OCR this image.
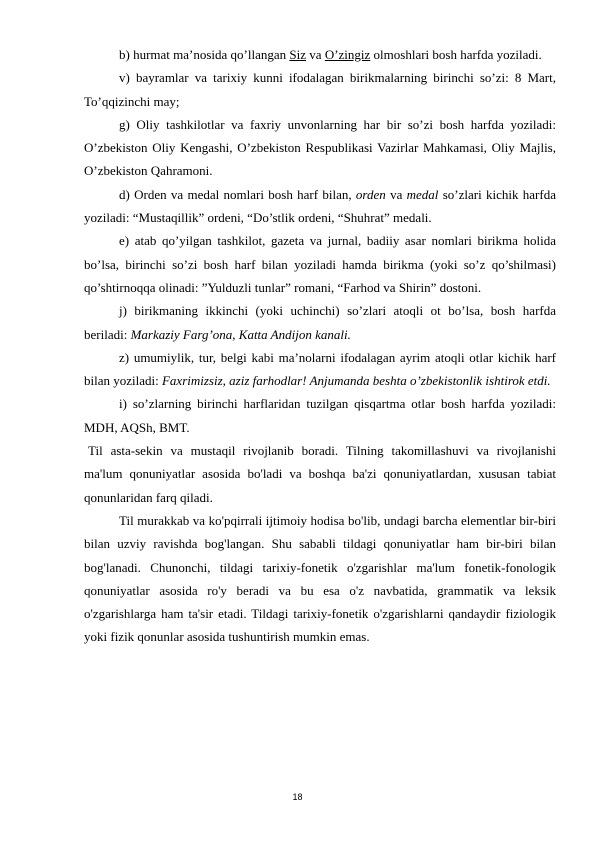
b) hurmat ma’nosida qo’llangan Siz va O’zingiz olmoshlari bosh harfda yoziladi.

v) bayramlar va tarixiy kunni ifodalagan birikmalarning birinchi so’zi: 8 Mart, To’qqizinchi may;

g) Oliy tashkilotlar va faxriy unvonlarning har bir so’zi bosh harfda yoziladi: O’zbekiston Oliy Kengashi, O’zbekiston Respublikasi Vazirlar Mahkamasi, Oliy Majlis, O’zbekiston Qahramoni.

d) Orden va medal nomlari bosh harf bilan, orden va medal so’zlari kichik harfda yoziladi: “Mustaqillik” ordeni, “Do’stlik ordeni, “Shuhrat” medali.

e) atab qo’yilgan tashkilot, gazeta va jurnal, badiiy asar nomlari birikma holida bo’lsa, birinchi so’zi bosh harf bilan yoziladi hamda birikma (yoki so’z qo’shilmasi) qo’shtirnoqqa olinadi: ”Yulduzli tunlar” romani, “Farhod va Shirin” dostoni.

j) birikmaning ikkinchi (yoki uchinchi) so’zlari atoqli ot bo’lsa, bosh harfda beriladi: Markaziy Farg’ona, Katta Andijon kanali.

z) umumiylik, tur, belgi kabi ma’nolarni ifodalagan ayrim atoqli otlar kichik harf bilan yoziladi: Faxrimizsiz, aziz farhodlar! Anjumanda beshta o’zbekistonlik ishtirok etdi.

i) so’zlarning birinchi harflaridan tuzilgan qisqartma otlar bosh harfda yoziladi: MDH, AQSh, BMT.

Til asta-sekin va mustaqil rivojlanib boradi. Tilning takomillashuvi va rivojlanishi ma'lum qonuniyatlar asosida bo'ladi va boshqa ba'zi qonuniyatlardan, xususan tabiat qonunlaridan farq qiladi.

Til murakkab va ko'pqirrali ijtimoiy hodisa bo'lib, undagi barcha elementlar bir-biri bilan uzviy ravishda bog'langan. Shu sababli tildagi qonuniyatlar ham bir-biri bilan bog'lanadi. Chunonchi, tildagi tarixiy-fonetik o'zgarishlar ma'lum fonetik-fonologik qonuniyatlar asosida ro'y beradi va bu esa o'z navbatida, grammatik va leksik o'zgarishlarga ham ta'sir etadi. Tildagi tarixiy-fonetik o'zgarishlarni qandaydir fiziologik yoki fizik qonunlar asosida tushuntirish mumkin emas.

18
